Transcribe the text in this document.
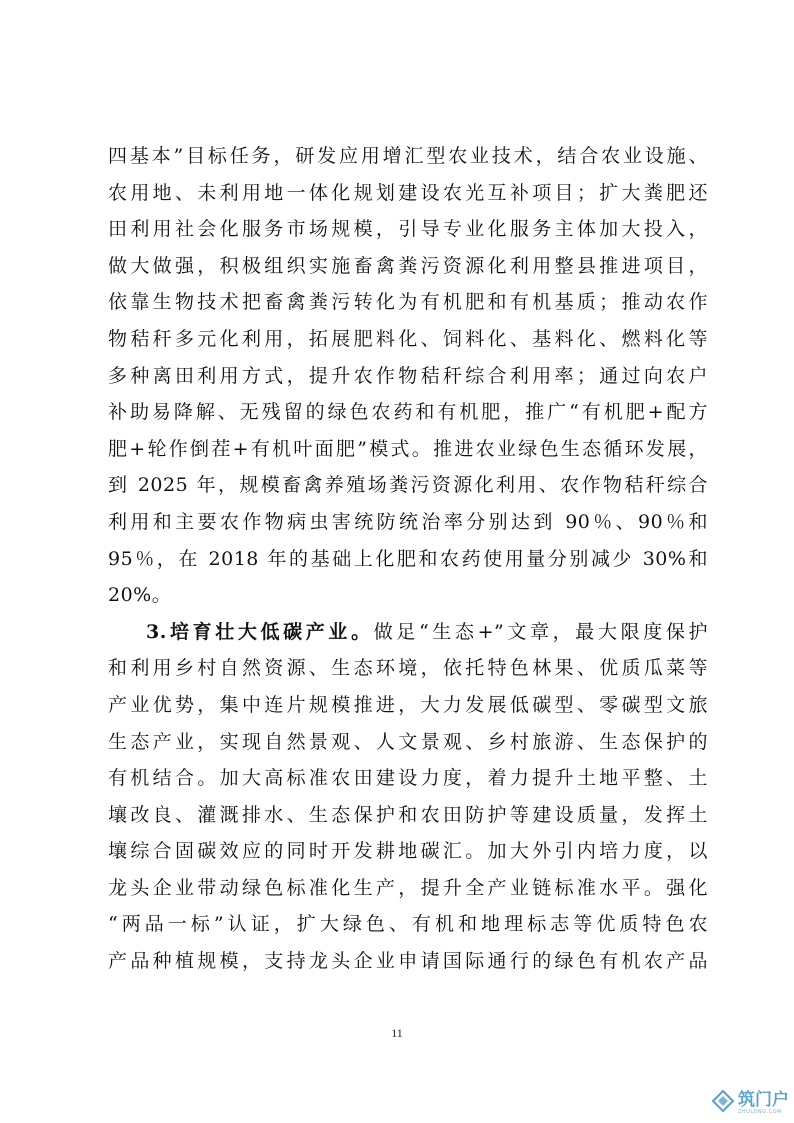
四基本”目标任务，研发应用增汇型农业技术，结合农业设施、
农用地、未利用地一体化规划建设农光互补项目；扩大粪肥还
田利用社会化服务市场规模，引导专业化服务主体加大投入，
做大做强，积极组织实施畜禽粪污资源化利用整县推进项目，
依靠生物技术把畜禽粪污转化为有机肥和有机基质；推动农作
物秸秆多元化利用，拓展肥料化、饲料化、基料化、燃料化等
多种离田利用方式，提升农作物秸秆综合利用率；通过向农户
补助易降解、无残留的绿色农药和有机肥，推广“有机肥+配方
肥+轮作倒茬+有机叶面肥”模式。推进农业绿色生态循环发展，
到 2025 年，规模畜禽养殖场粪污资源化利用、农作物秸秆综合
利用和主要农作物病虫害统防统治率分别达到 90％、90％和
95％，在 2018 年的基础上化肥和农药使用量分别减少 30%和
20%。
3.培育壮大低碳产业。做足“生态+”文章，最大限度保护
和利用乡村自然资源、生态环境，依托特色林果、优质瓜菜等
产业优势，集中连片规模推进，大力发展低碳型、零碳型文旅
生态产业，实现自然景观、人文景观、乡村旅游、生态保护的
有机结合。加大高标准农田建设力度，着力提升土地平整、土
壤改良、灌溉排水、生态保护和农田防护等建设质量，发挥土
壤综合固碳效应的同时开发耕地碳汇。加大外引内培力度，以
龙头企业带动绿色标准化生产，提升全产业链标准水平。强化
“两品一标”认证，扩大绿色、有机和地理标志等优质特色农
产品种植规模，支持龙头企业申请国际通行的绿色有机农产品
11
筑门户
ZHULONG.COM
